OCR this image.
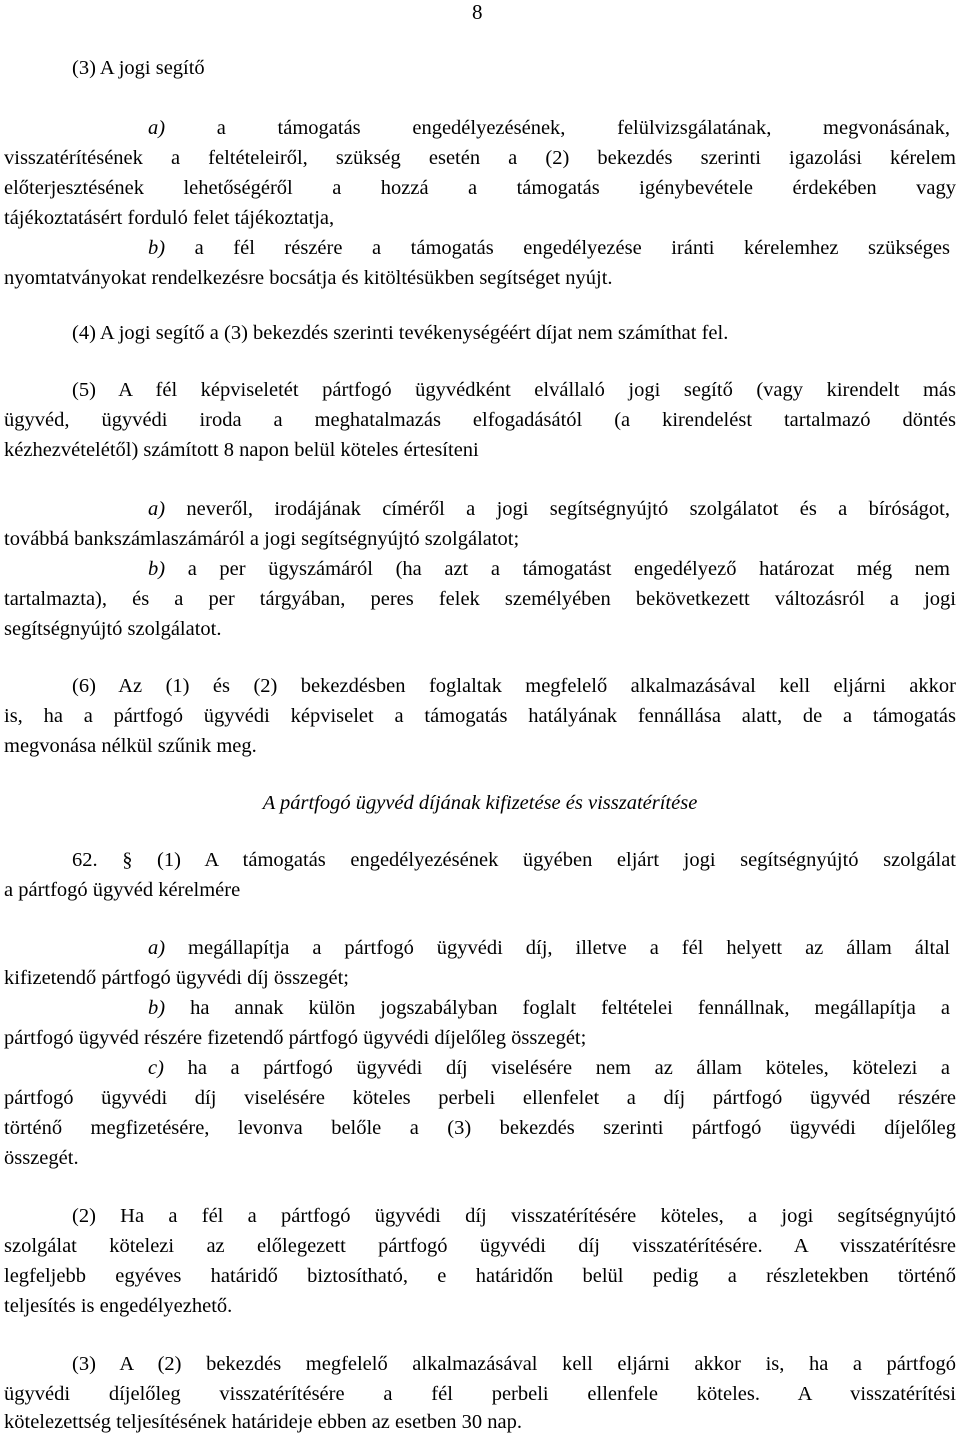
8
(3) A jogi segítő
a)	a támogatás engedélyezésének, felülvizsgálatának, megvonásának,
visszatérítésének a feltételeiről, szükség esetén a (2) bekezdés szerinti igazolási kérelem
előterjesztésének lehetőségéről a hozzá a támogatás igénybevétele érdekében vagy
tájékoztatásért forduló felet tájékoztatja,
b) a fél részére a támogatás engedélyezése iránti kérelemhez szükséges
nyomtatványokat rendelkezésre bocsátja és kitöltésükben segítséget nyújt.
(4) A jogi segítő a (3) bekezdés szerinti tevékenységéért díjat nem számíthat fel.
(5) A fél képviseletét pártfogó ügyvédként elvállaló jogi segítő (vagy kirendelt más
ügyvéd, ügyvédi iroda a meghatalmazás elfogadásától (a kirendelést tartalmazó döntés
kézhezvételétől) számított 8 napon belül köteles értesíteni
a) neveről, irodájának címéről a jogi segítségnyújtó szolgálatot és a bíróságot,
továbbá bankszámlaszámáról a jogi segítségnyújtó szolgálatot;
b) a per ügyszámáról (ha azt a támogatást engedélyező határozat még nem
tartalmazta), és a per tárgyában, peres felek személyében bekövetkezett változásról a jogi
segítségnyújtó szolgálatot.
(6) Az (1) és (2) bekezdésben foglaltak megfelelő alkalmazásával kell eljárni akkor
is, ha a pártfogó ügyvédi képviselet a támogatás hatályának fennállása alatt, de a támogatás
megvonása nélkül szűnik meg.
A pártfogó ügyvéd díjának kifizetése és visszatérítése
62. § (1) A támogatás engedélyezésének ügyében eljárt jogi segítségnyújtó szolgálat
a pártfogó ügyvéd kérelmére
a) megállapítja a pártfogó ügyvédi díj, illetve a fél helyett az állam által
kifizetendő pártfogó ügyvédi díj összegét;
b) ha annak külön jogszabályban foglalt feltételei fennállnak, megállapítja a
pártfogó ügyvéd részére fizetendő pártfogó ügyvédi díjelőleg összegét;
c) ha a pártfogó ügyvédi díj viselésére nem az állam köteles, kötelezi a
pártfogó ügyvédi díj viselésére köteles perbeli ellenfelet a díj pártfogó ügyvéd részére
történő megfizetésére, levonva belőle a (3) bekezdés szerinti pártfogó ügyvédi díjelőleg
összegét.
(2) Ha a fél a pártfogó ügyvédi díj visszatérítésére köteles, a jogi segítségnyújtó
szolgálat kötelezi az előlegezett pártfogó ügyvédi díj visszatérítésére. A visszatérítésre
legfeljebb egyéves határidő biztosítható, e határidőn belül pedig a részletekben történő
teljesítés is engedélyezhető.
(3) A (2) bekezdés megfelelő alkalmazásával kell eljárni akkor is, ha a pártfogó
ügyvédi díjelőleg visszatérítésére a fél perbeli ellenfele köteles. A visszatérítési
kötelezettség teljesítésének határideje ebben az esetben 30 nap.
